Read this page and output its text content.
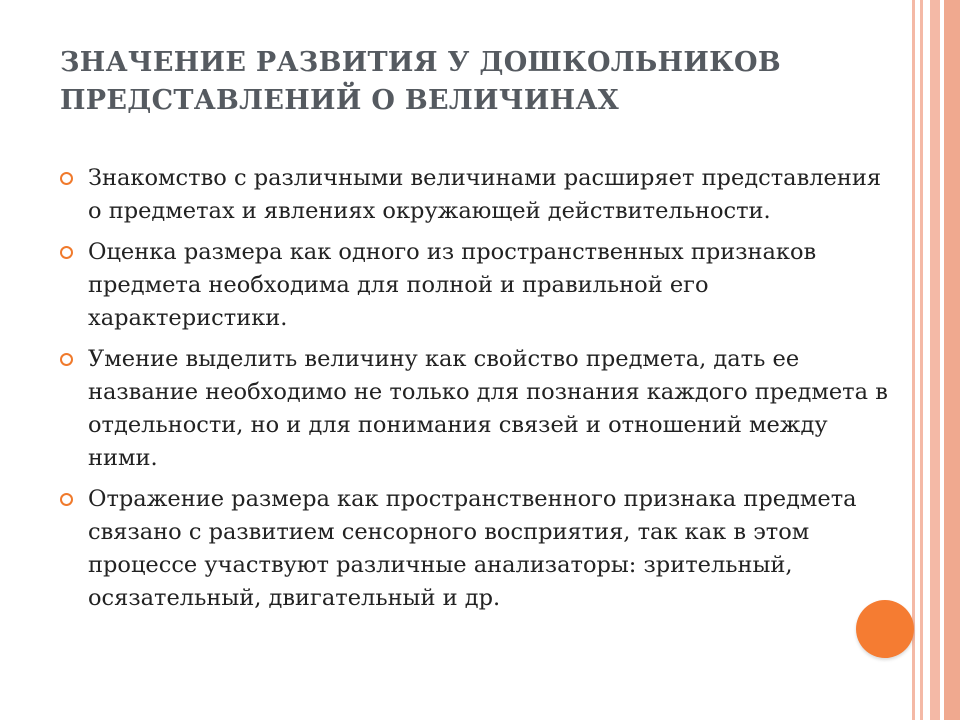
ЗНАЧЕНИЕ РАЗВИТИЯ У ДОШКОЛЬНИКОВ ПРЕДСТАВЛЕНИЙ О ВЕЛИЧИНАХ
Знакомство с различными величинами расширяет представления о предметах и явлениях окружающей действительности.
Оценка размера как одного из пространственных признаков предмета необходима для полной и правильной его характеристики.
Умение выделить величину как свойство предмета, дать ее название необходимо не только для познания каждого предмета в отдельности, но и для понимания связей и отношений между ними.
Отражение размера как пространственного признака предмета связано с развитием сенсорного восприятия, так как в этом процессе участвуют различные анализаторы: зрительный, осязательный, двигательный и др.
